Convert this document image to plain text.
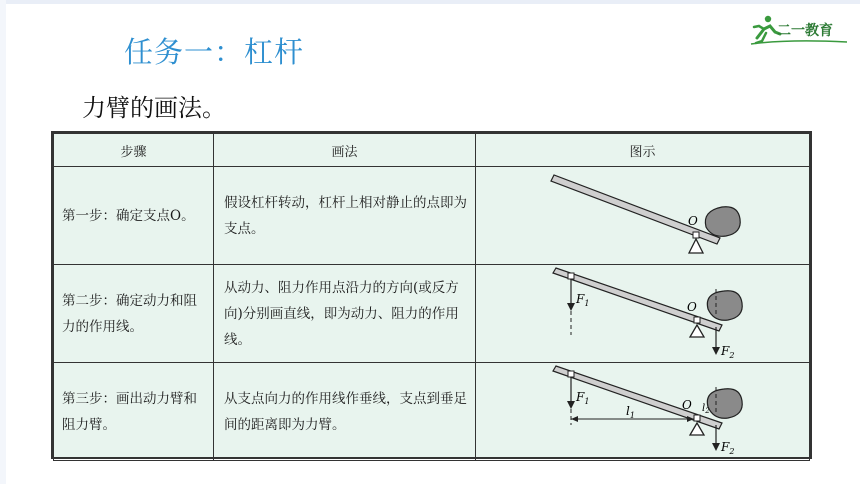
任务一：杠杆
二一教育
力臂的画法。
步骤	画法	图示
第一步：确定支点O。	假设杠杆转动，杠杆上相对静止的点即为支点。	O

第二步：确定动力和阻力的作用线。	从动力、阻力作用点沿力的方向(或反方向)分别画直线，即为动力、阻力的作用线。	$F_1$
$F_2$
O

第三步：画出动力臂和阻力臂。	从支点向力的作用线作垂线，支点到垂足间的距离即为力臂。	$F_1$
$l_1$
$l_2$
$F_2$
O
